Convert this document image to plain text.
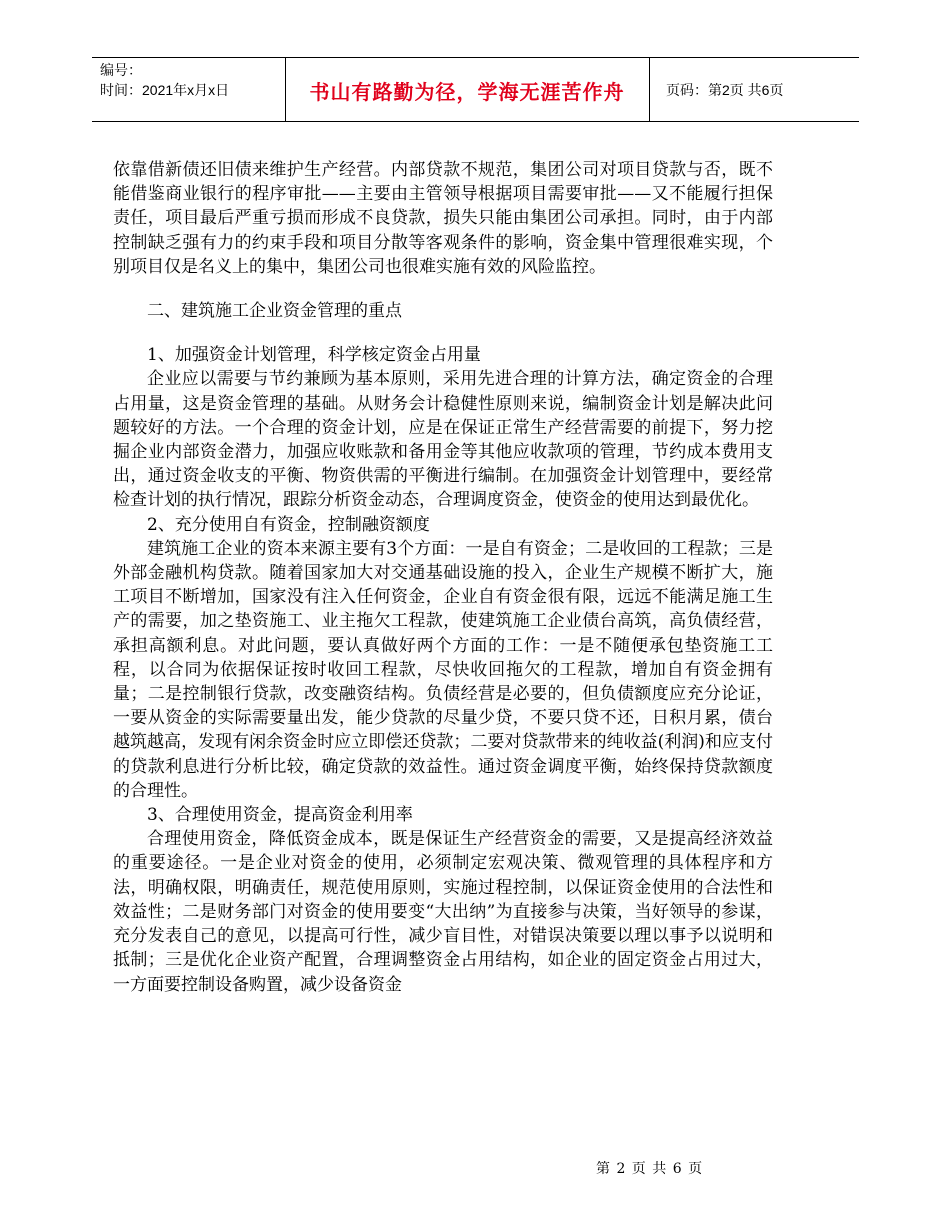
编号：
时间：2021年x月x日	书山有路勤为径，学海无涯苦作舟	页码：第2页 共6页

依靠借新债还旧债来维护生产经营。内部贷款不规范，集团公司对项目贷款与否，既不能借鉴商业银行的程序审批——主要由主管领导根据项目需要审批——又不能履行担保责任，项目最后严重亏损而形成不良贷款，损失只能由集团公司承担。同时，由于内部控制缺乏强有力的约束手段和项目分散等客观条件的影响，资金集中管理很难实现，个别项目仅是名义上的集中，集团公司也很难实施有效的风险监控。

二、建筑施工企业资金管理的重点

1、加强资金计划管理，科学核定资金占用量

企业应以需要与节约兼顾为基本原则，采用先进合理的计算方法，确定资金的合理占用量，这是资金管理的基础。从财务会计稳健性原则来说，编制资金计划是解决此问题较好的方法。一个合理的资金计划，应是在保证正常生产经营需要的前提下，努力挖掘企业内部资金潜力，加强应收账款和备用金等其他应收款项的管理，节约成本费用支出，通过资金收支的平衡、物资供需的平衡进行编制。在加强资金计划管理中，要经常检查计划的执行情况，跟踪分析资金动态，合理调度资金，使资金的使用达到最优化。

2、充分使用自有资金，控制融资额度

建筑施工企业的资本来源主要有3个方面：一是自有资金；二是收回的工程款；三是外部金融机构贷款。随着国家加大对交通基础设施的投入，企业生产规模不断扩大，施工项目不断增加，国家没有注入任何资金，企业自有资金很有限，远远不能满足施工生产的需要，加之垫资施工、业主拖欠工程款，使建筑施工企业债台高筑，高负债经营，承担高额利息。对此问题，要认真做好两个方面的工作：一是不随便承包垫资施工工程，以合同为依据保证按时收回工程款，尽快收回拖欠的工程款，增加自有资金拥有量；二是控制银行贷款，改变融资结构。负债经营是必要的，但负债额度应充分论证，一要从资金的实际需要量出发，能少贷款的尽量少贷，不要只贷不还，日积月累，债台越筑越高，发现有闲余资金时应立即偿还贷款；二要对贷款带来的纯收益(利润)和应支付的贷款利息进行分析比较，确定贷款的效益性。通过资金调度平衡，始终保持贷款额度的合理性。

3、合理使用资金，提高资金利用率

合理使用资金，降低资金成本，既是保证生产经营资金的需要，又是提高经济效益的重要途径。一是企业对资金的使用，必须制定宏观决策、微观管理的具体程序和方法，明确权限，明确责任，规范使用原则，实施过程控制，以保证资金使用的合法性和效益性；二是财务部门对资金的使用要变“大出纳”为直接参与决策，当好领导的参谋，充分发表自己的意见，以提高可行性，减少盲目性，对错误决策要以理以事予以说明和抵制；三是优化企业资产配置，合理调整资金占用结构，如企业的固定资金占用过大，一方面要控制设备购置，减少设备资金

第 2 页 共 6 页
